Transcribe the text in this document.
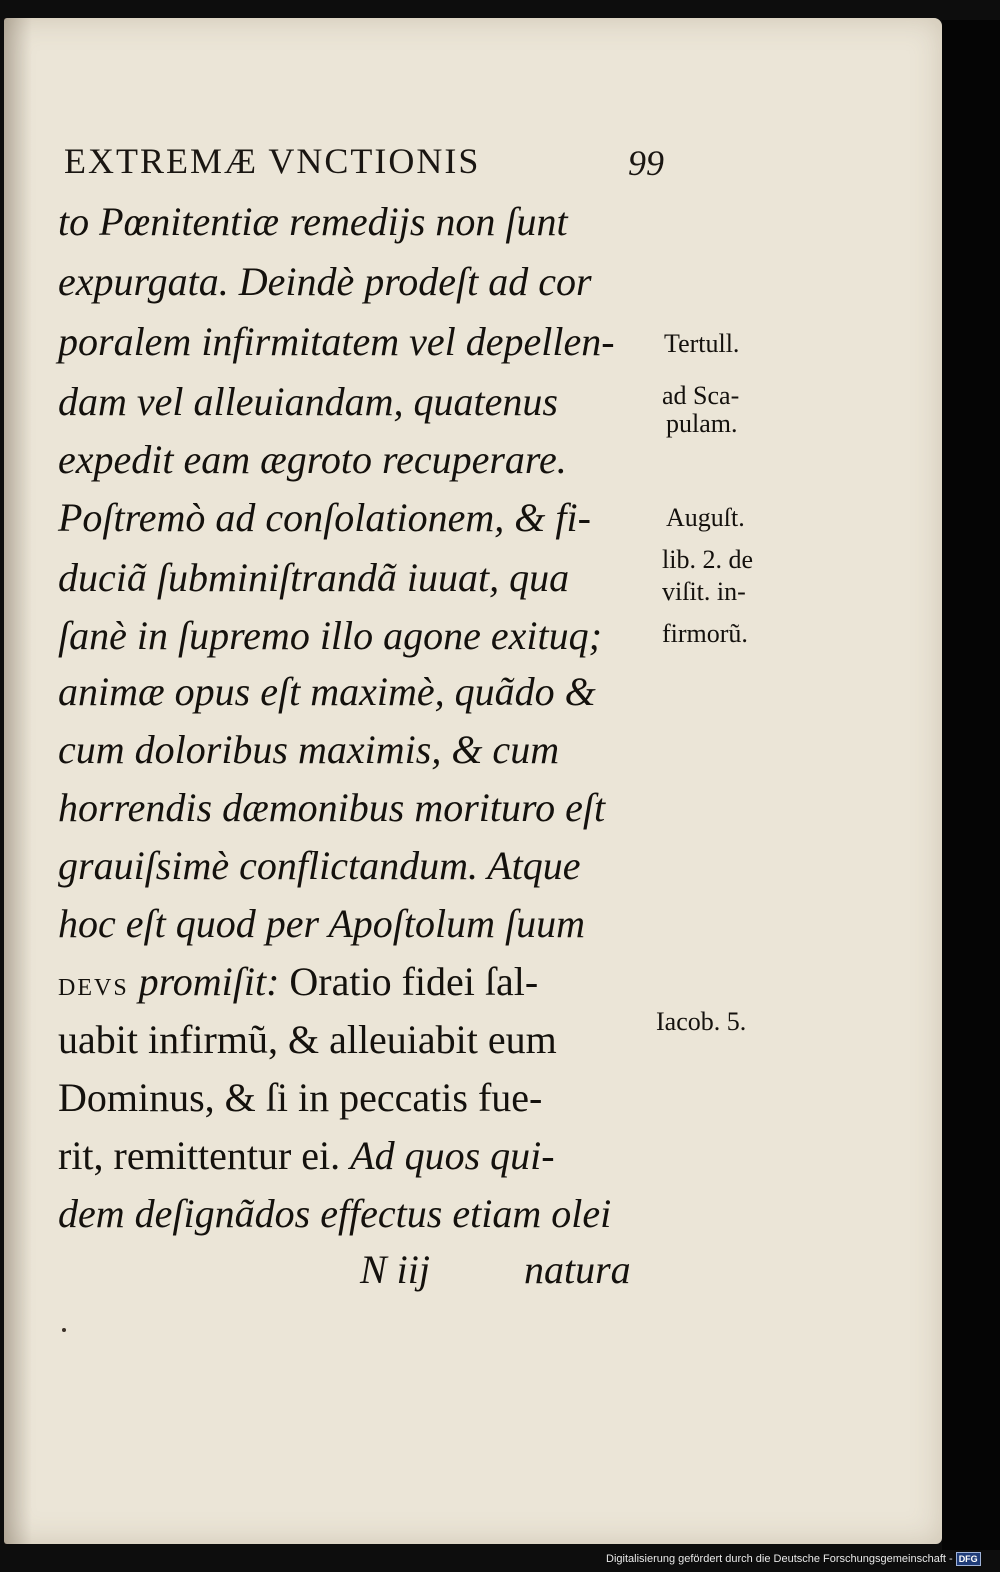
EXTREMÆ VNCTIONIS	99
to Pœnitentiæ remedijs non ſunt
expurgata. Deindè prodeſt ad cor
poralem infirmitatem vel depellen-
dam vel alleuiandam, quatenus
expedit eam ægroto recuperare.
Poſtremò ad conſolationem, & fi-
duciã ſubminiſtrandã iuuat, qua
ſanè in ſupremo illo agone exituq;
animæ opus eſt maximè, quãdo &
cum doloribus maximis, & cum
horrendis dæmonibus morituro eſt
grauiſsimè conflictandum. Atque
hoc eſt quod per Apoſtolum ſuum
DEVS promiſit: Oratio fidei ſal-
uabit infirmũ, & alleuiabit eum
Dominus, & ſi in peccatis fue-
rit, remittentur ei. Ad quos qui-
dem deſignãdos effectus etiam olei
Tertull.
ad Sca-
pulam.
Auguſt.
lib. 2. de
viſit. in-
firmorũ.
Iacob. 5.
N iij natura
Digitalisierung gefördert durch die Deutsche Forschungsgemeinschaft - DFG
